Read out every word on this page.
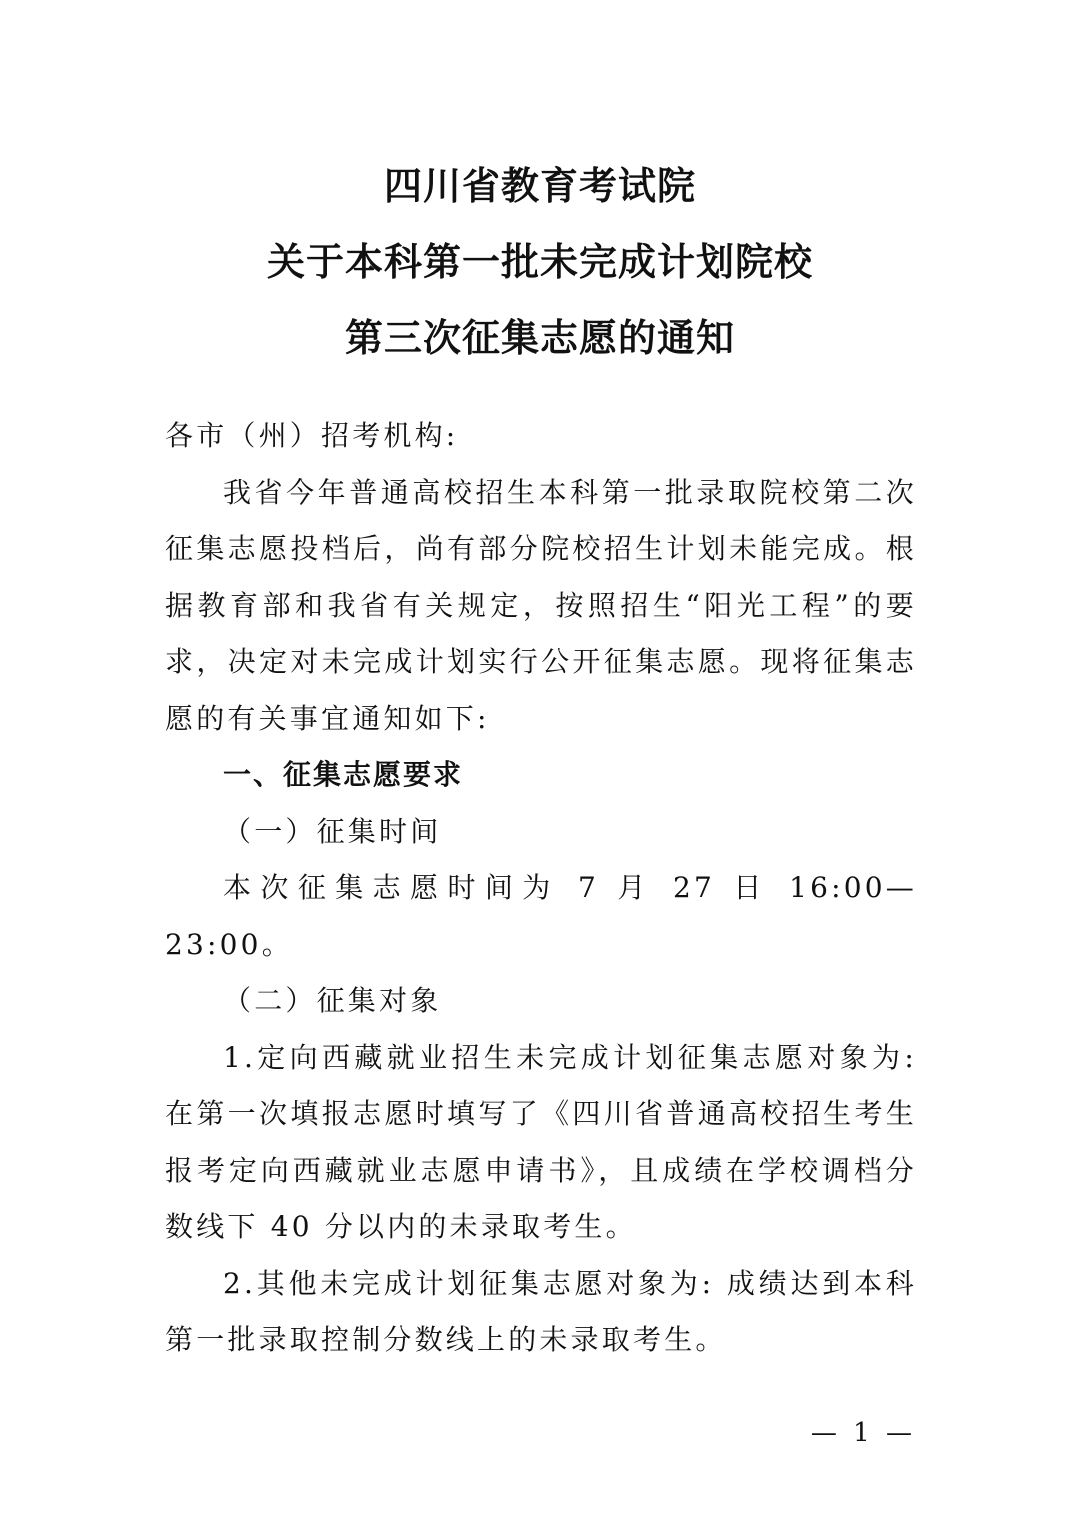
四川省教育考试院
关于本科第一批未完成计划院校
第三次征集志愿的通知

各市（州）招考机构:

我省今年普通高校招生本科第一批录取院校第二次征集志愿投档后，尚有部分院校招生计划未能完成。根据教育部和我省有关规定，按照招生“阳光工程”的要求，决定对未完成计划实行公开征集志愿。现将征集志愿的有关事宜通知如下:

一、征集志愿要求

（一）征集时间

本次征集志愿时间为 7 月 27 日 16:00—23:00。

（二）征集对象

1.定向西藏就业招生未完成计划征集志愿对象为: 在第一次填报志愿时填写了《四川省普通高校招生考生报考定向西藏就业志愿申请书》，且成绩在学校调档分数线下 40 分以内的未录取考生。

2.其他未完成计划征集志愿对象为: 成绩达到本科第一批录取控制分数线上的未录取考生。

— 1 —
